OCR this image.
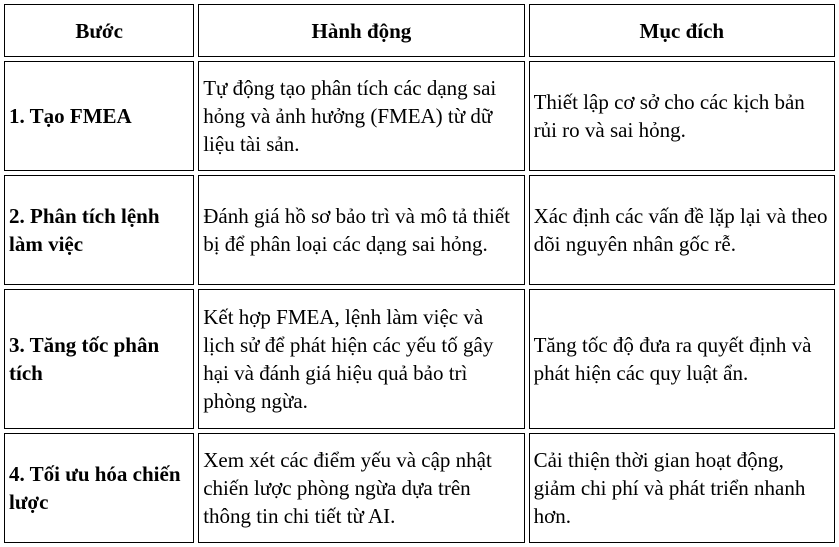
Bước	Hành động	Mục đích
1. Tạo FMEA	Tự động tạo phân tích các dạng sai hỏng và ảnh hưởng (FMEA) từ dữ liệu tài sản.	Thiết lập cơ sở cho các kịch bản rủi ro và sai hỏng.
2. Phân tích lệnh làm việc	Đánh giá hồ sơ bảo trì và mô tả thiết bị để phân loại các dạng sai hỏng.	Xác định các vấn đề lặp lại và theo dõi nguyên nhân gốc rễ.
3. Tăng tốc phân tích	Kết hợp FMEA, lệnh làm việc và lịch sử để phát hiện các yếu tố gây hại và đánh giá hiệu quả bảo trì phòng ngừa.	Tăng tốc độ đưa ra quyết định và phát hiện các quy luật ẩn.
4. Tối ưu hóa chiến lược	Xem xét các điểm yếu và cập nhật chiến lược phòng ngừa dựa trên thông tin chi tiết từ AI.	Cải thiện thời gian hoạt động, giảm chi phí và phát triển nhanh hơn.
